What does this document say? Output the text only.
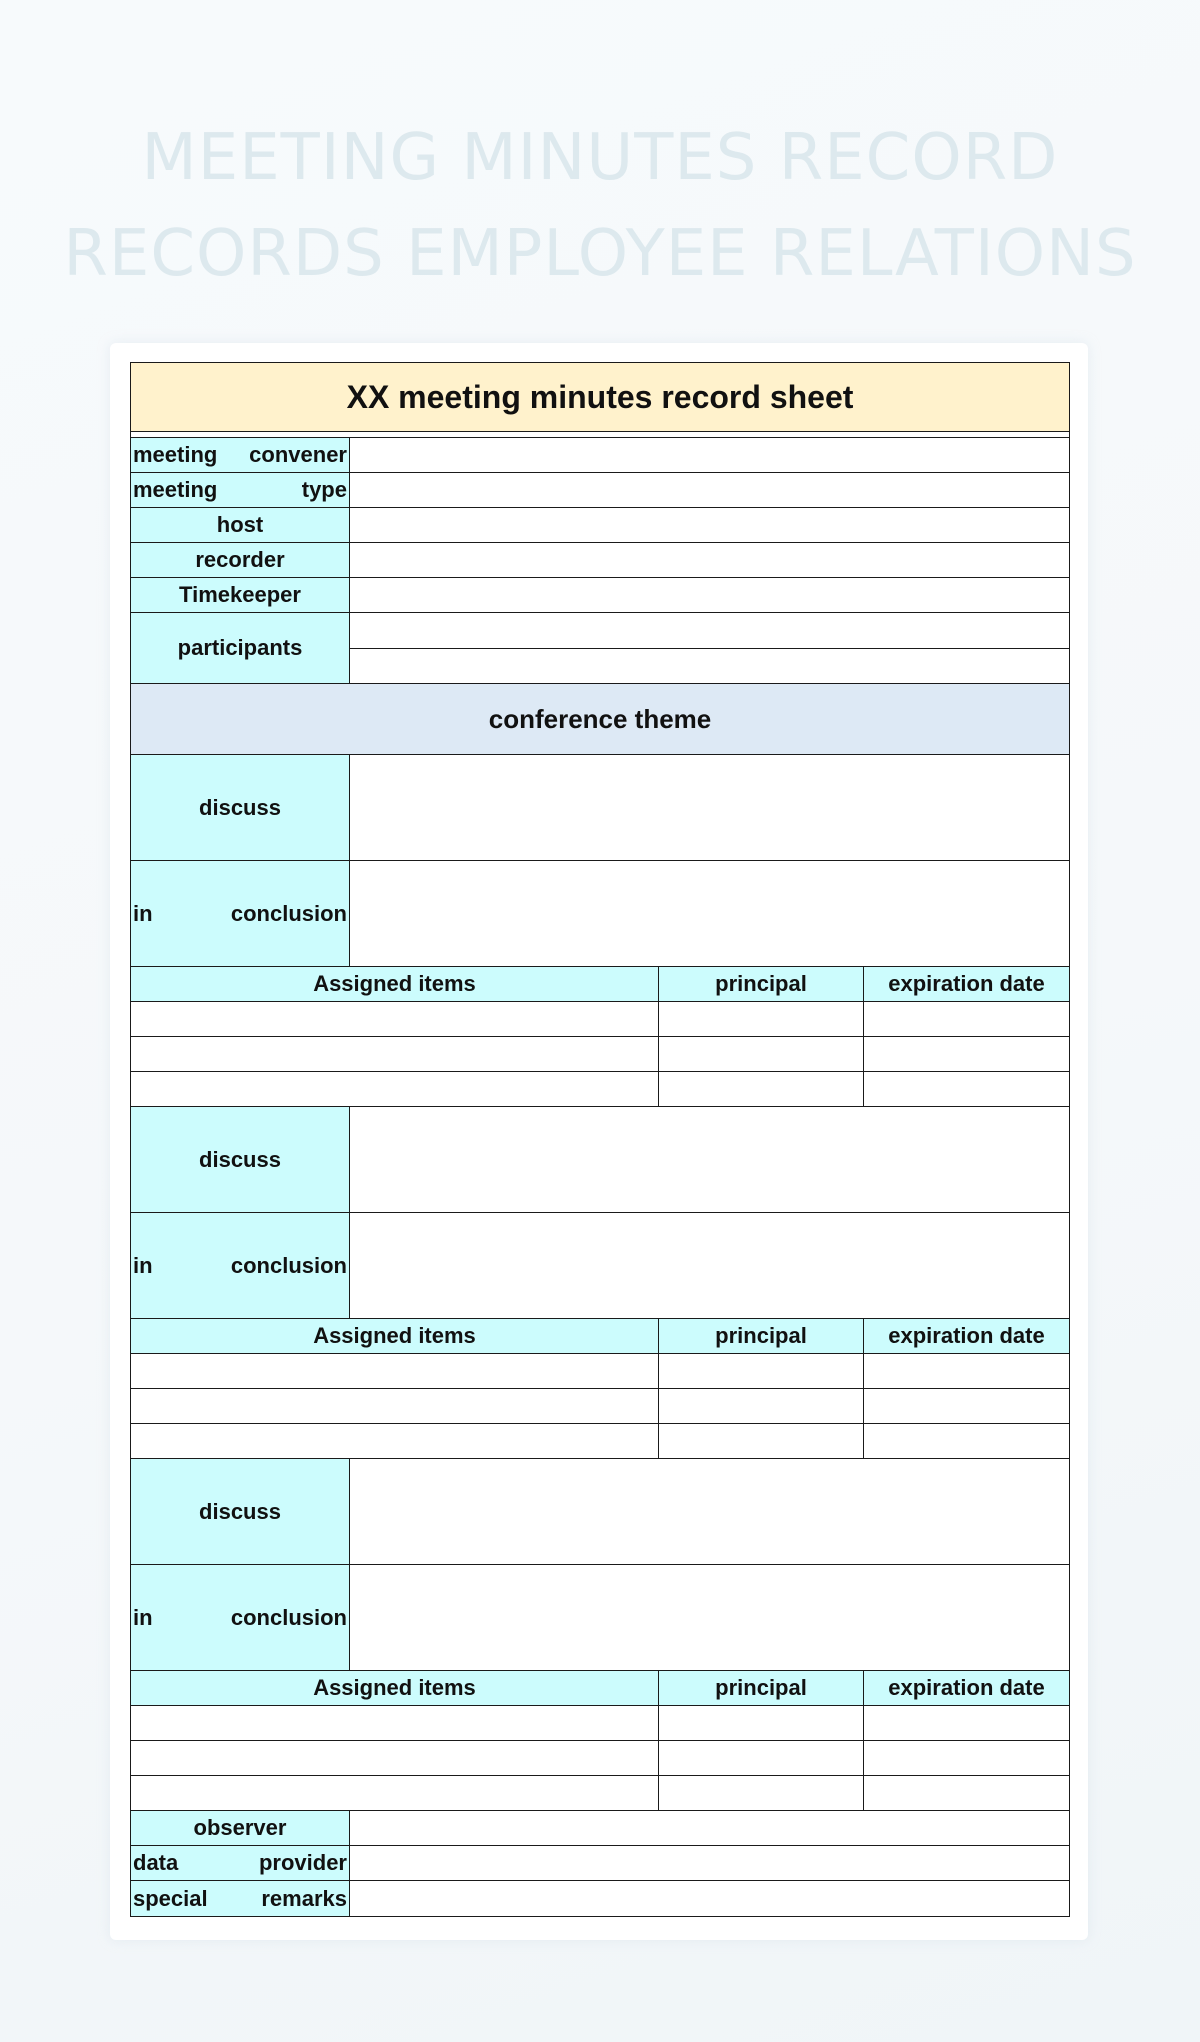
MEETING MINUTES RECORD
RECORDS EMPLOYEE RELATIONS
XX meeting minutes record sheet
meeting convener
meeting	type
host
recorder
Timekeeper
participants
conference theme
discuss
in	conclusion
Assigned items	principal	expiration date
discuss
in	conclusion
Assigned items	principal	expiration date
discuss
in	conclusion
Assigned items	principal	expiration date
observer
data	provider
special remarks
